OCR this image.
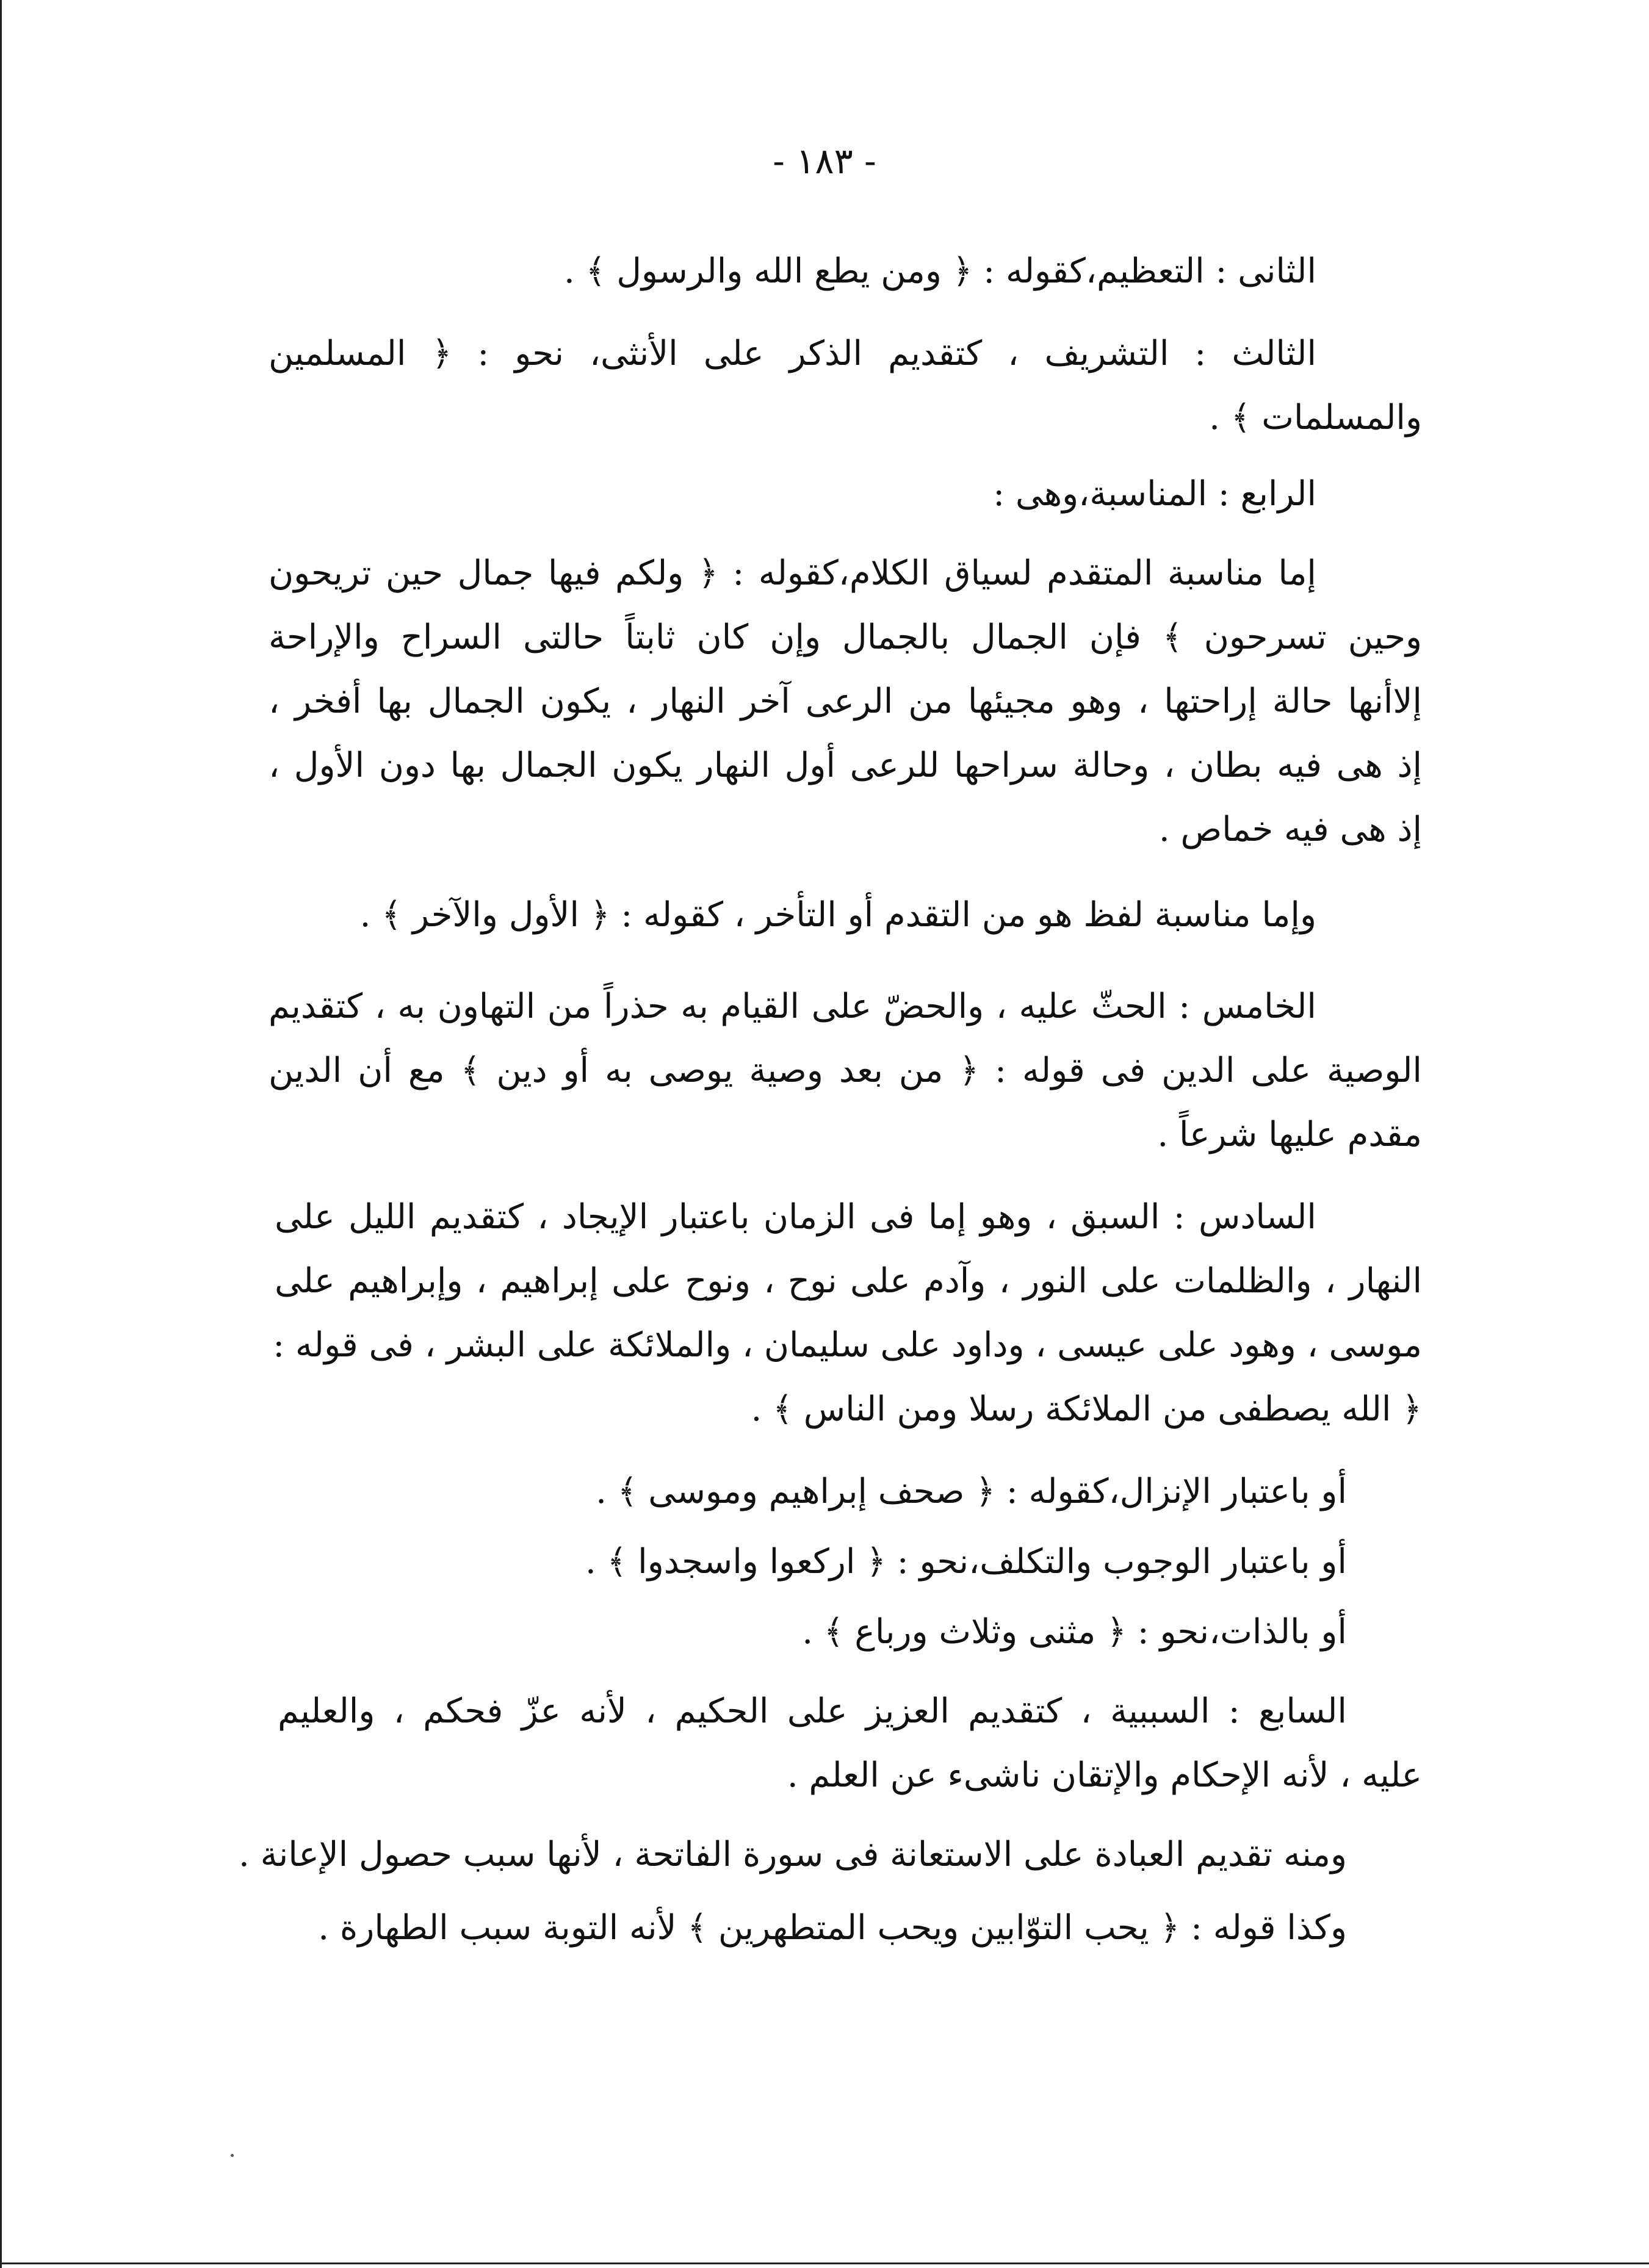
- ١٨٣ -
الثانى : التعظيم،كقوله : ﴿ ومن يطع الله والرسول ﴾ .
الثالث : التشريف ، كتقديم الذكر على الأنثى، نحو : ﴿ المسلمين
والمسلمات ﴾ .
الرابع : المناسبة،وهى :
إما مناسبة المتقدم لسياق الكلام،كقوله : ﴿ ولكم فيها جمال حين تريحون
وحين تسرحون ﴾ فإن الجمال بالجمال وإن كان ثابتاً حالتى السراح والإراحة
إلاأنها حالة إراحتها ، وهو مجيئها من الرعى آخر النهار ، يكون الجمال بها أفخر ،
إذ هى فيه بطان ، وحالة سراحها للرعى أول النهار يكون الجمال بها دون الأول ،
إذ هى فيه خماص .
وإما مناسبة لفظ هو من التقدم أو التأخر ، كقوله : ﴿ الأول والآخر ﴾ .
الخامس : الحثّ عليه ، والحضّ على القيام به حذراً من التهاون به ، كتقديم
الوصية على الدين فى قوله : ﴿ من بعد وصية يوصى به أو دين ﴾ مع أن الدين
مقدم عليها شرعاً .
السادس : السبق ، وهو إما فى الزمان باعتبار الإيجاد ، كتقديم الليل على
النهار ، والظلمات على النور ، وآدم على نوح ، ونوح على إبراهيم ، وإبراهيم على
موسى ، وهود على عيسى ، وداود على سليمان ، والملائكة على البشر ، فى قوله :
﴿ الله يصطفى من الملائكة رسلا ومن الناس ﴾ .
أو باعتبار الإنزال،كقوله : ﴿ صحف إبراهيم وموسى ﴾ .
أو باعتبار الوجوب والتكلف،نحو : ﴿ اركعوا واسجدوا ﴾ .
أو بالذات،نحو : ﴿ مثنى وثلاث ورباع ﴾ .
السابع : السببية ، كتقديم العزيز على الحكيم ، لأنه عزّ فحكم ، والعليم
عليه ، لأنه الإحكام والإتقان ناشىء عن العلم .
ومنه تقديم العبادة على الاستعانة فى سورة الفاتحة ، لأنها سبب حصول الإعانة .
وكذا قوله : ﴿ يحب التوّابين ويحب المتطهرين ﴾ لأنه التوبة سبب الطهارة .
